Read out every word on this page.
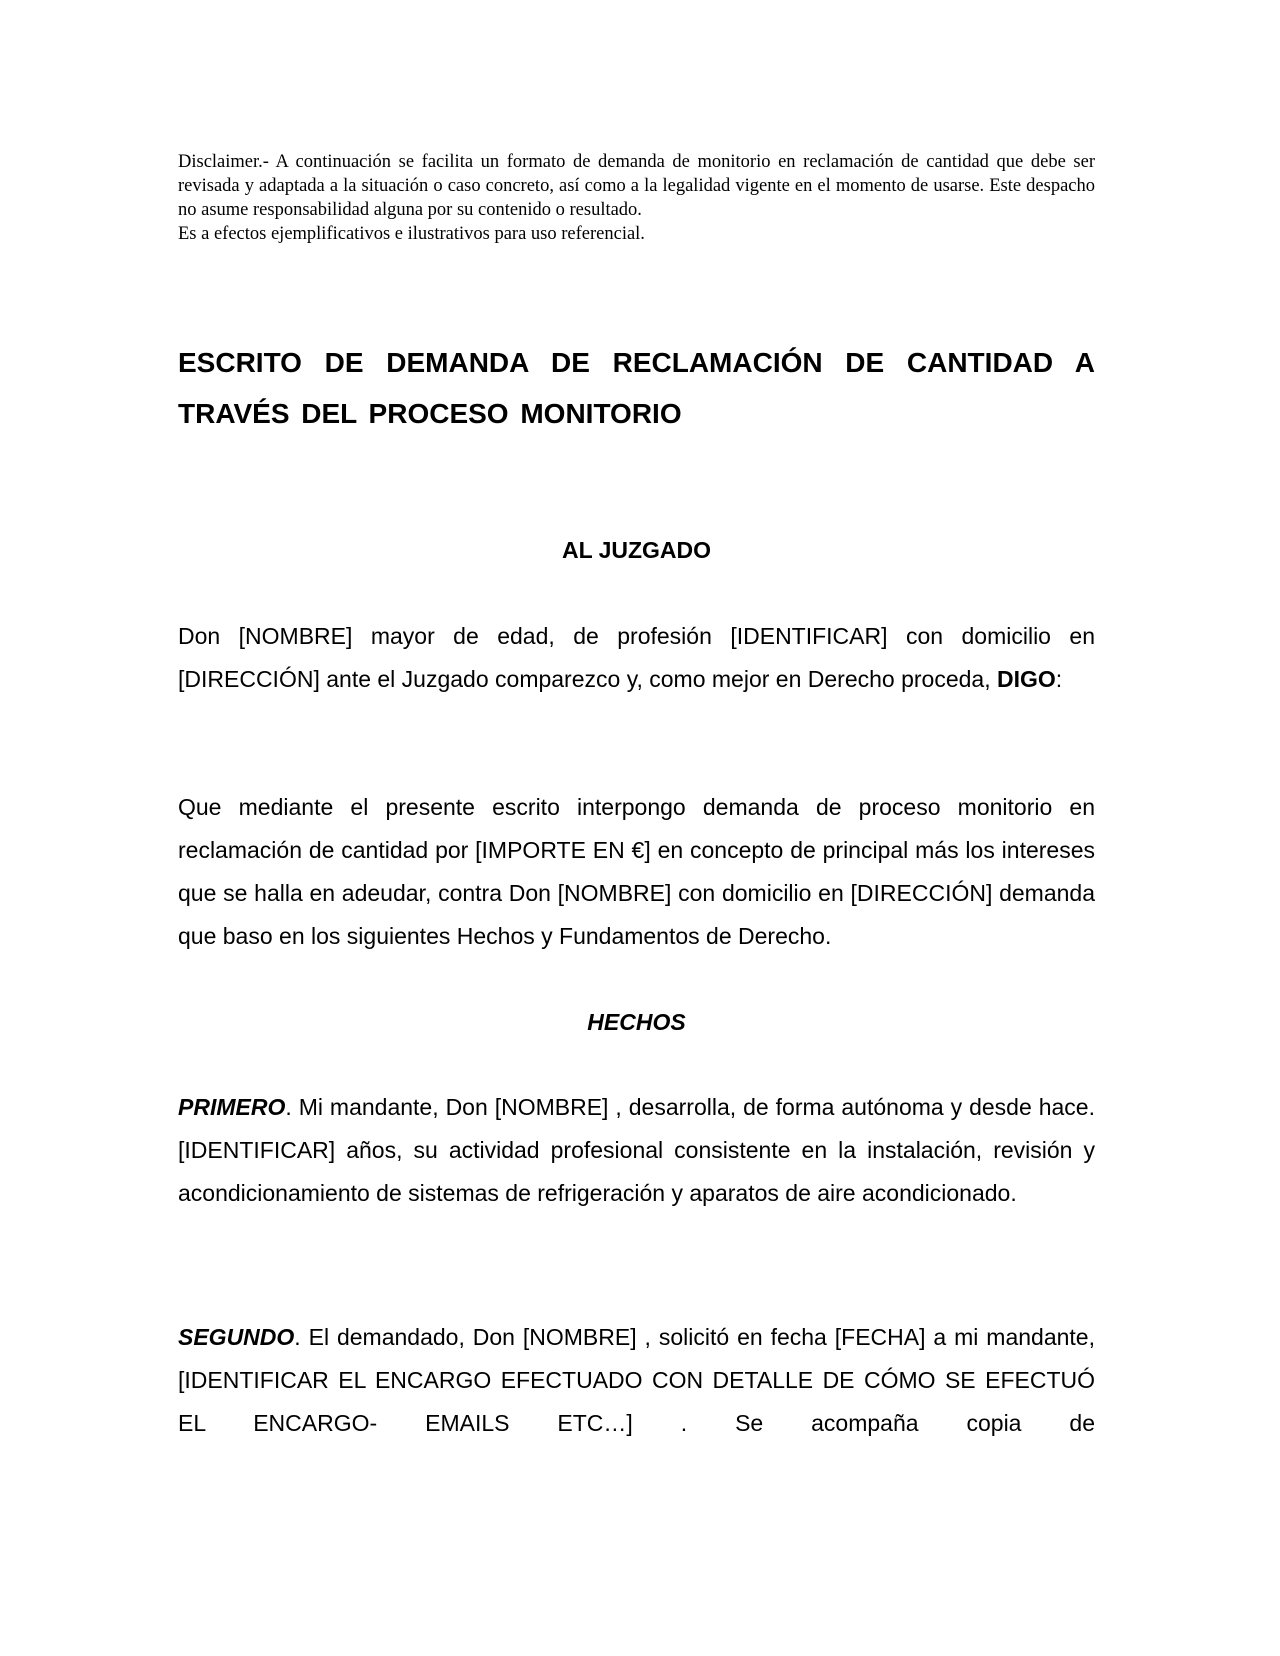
Disclaimer.- A continuación se facilita un formato de demanda de monitorio en reclamación de cantidad que debe ser revisada y adaptada a la situación o caso concreto, así como a la legalidad vigente en el momento de usarse. Este despacho no asume responsabilidad alguna por su contenido o resultado.

Es a efectos ejemplificativos e ilustrativos para uso referencial.

ESCRITO DE DEMANDA DE RECLAMACIÓN DE CANTIDAD A TRAVÉS DEL PROCESO MONITORIO

AL JUZGADO

Don [NOMBRE] mayor de edad, de profesión [IDENTIFICAR] con domicilio en [DIRECCIÓN] ante el Juzgado comparezco y, como mejor en Derecho proceda, DIGO:

Que mediante el presente escrito interpongo demanda de proceso monitorio en reclamación de cantidad por [IMPORTE EN €] en concepto de principal más los intereses que se halla en adeudar, contra Don [NOMBRE] con domicilio en [DIRECCIÓN] demanda que baso en los siguientes Hechos y Fundamentos de Derecho.

HECHOS

PRIMERO. Mi mandante, Don [NOMBRE] , desarrolla, de forma autónoma y desde hace. [IDENTIFICAR] años, su actividad profesional consistente en la instalación, revisión y acondicionamiento de sistemas de refrigeración y aparatos de aire acondicionado.

SEGUNDO. El demandado, Don [NOMBRE] , solicitó en fecha [FECHA] a mi mandante, [IDENTIFICAR EL ENCARGO EFECTUADO CON DETALLE DE CÓMO SE EFECTUÓ EL ENCARGO- EMAILS ETC…] . Se acompaña copia de
